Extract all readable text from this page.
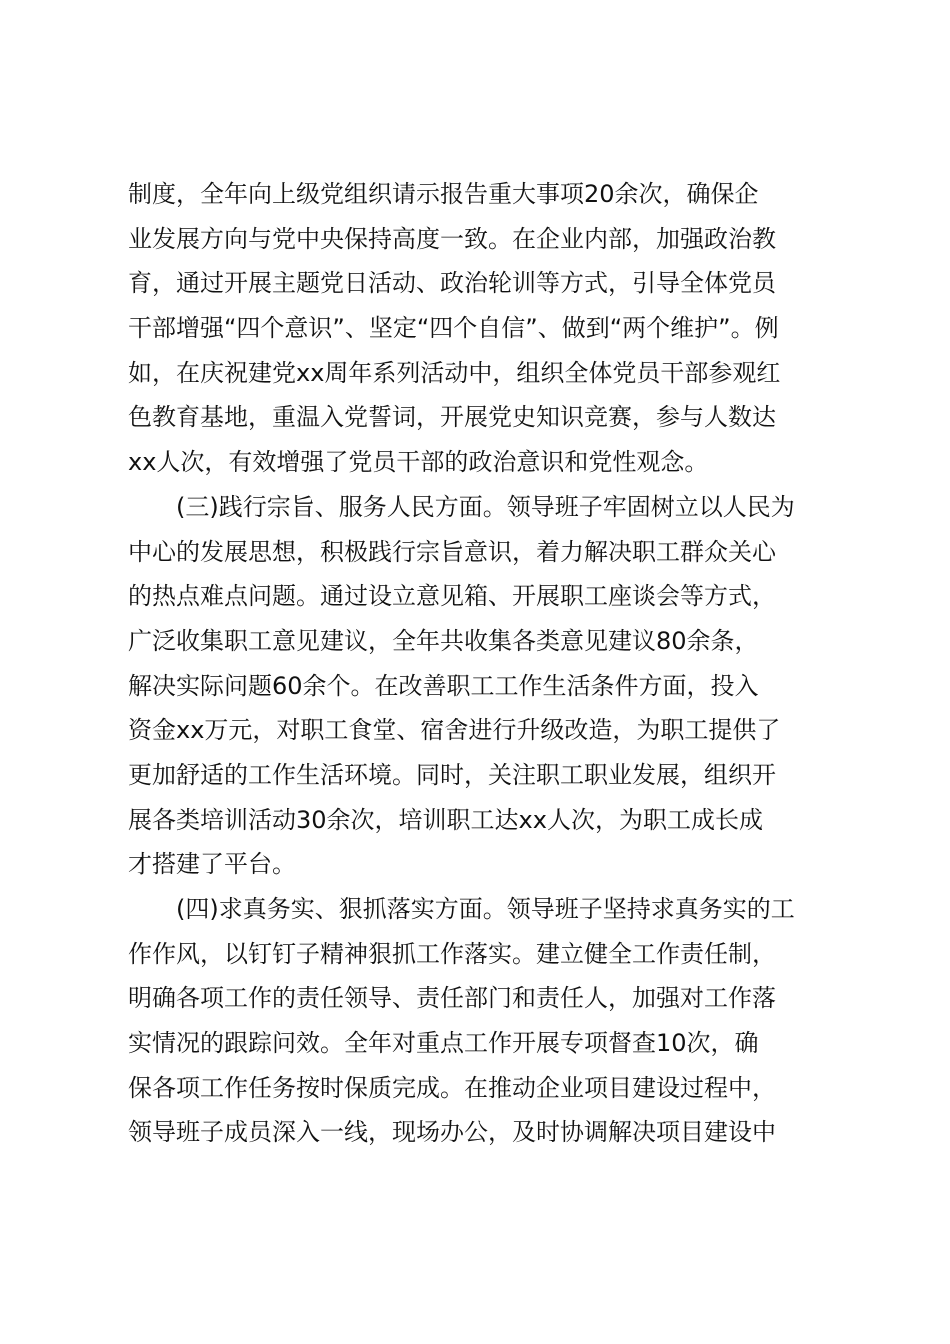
制度，全年向上级党组织请示报告重大事项20余次，确保企
业发展方向与党中央保持高度一致。在企业内部，加强政治教
育，通过开展主题党日活动、政治轮训等方式，引导全体党员
干部增强“四个意识”、坚定“四个自信”、做到“两个维护”。例
如，在庆祝建党xx周年系列活动中，组织全体党员干部参观红
色教育基地，重温入党誓词，开展党史知识竞赛，参与人数达
xx人次，有效增强了党员干部的政治意识和党性观念。
(三)践行宗旨、服务人民方面。领导班子牢固树立以人民为
中心的发展思想，积极践行宗旨意识，着力解决职工群众关心
的热点难点问题。通过设立意见箱、开展职工座谈会等方式，
广泛收集职工意见建议，全年共收集各类意见建议80余条，
解决实际问题60余个。在改善职工工作生活条件方面，投入
资金xx万元，对职工食堂、宿舍进行升级改造，为职工提供了
更加舒适的工作生活环境。同时，关注职工职业发展，组织开
展各类培训活动30余次，培训职工达xx人次，为职工成长成
才搭建了平台。
(四)求真务实、狠抓落实方面。领导班子坚持求真务实的工
作作风，以钉钉子精神狠抓工作落实。建立健全工作责任制，
明确各项工作的责任领导、责任部门和责任人，加强对工作落
实情况的跟踪问效。全年对重点工作开展专项督查10次，确
保各项工作任务按时保质完成。在推动企业项目建设过程中，
领导班子成员深入一线，现场办公，及时协调解决项目建设中
